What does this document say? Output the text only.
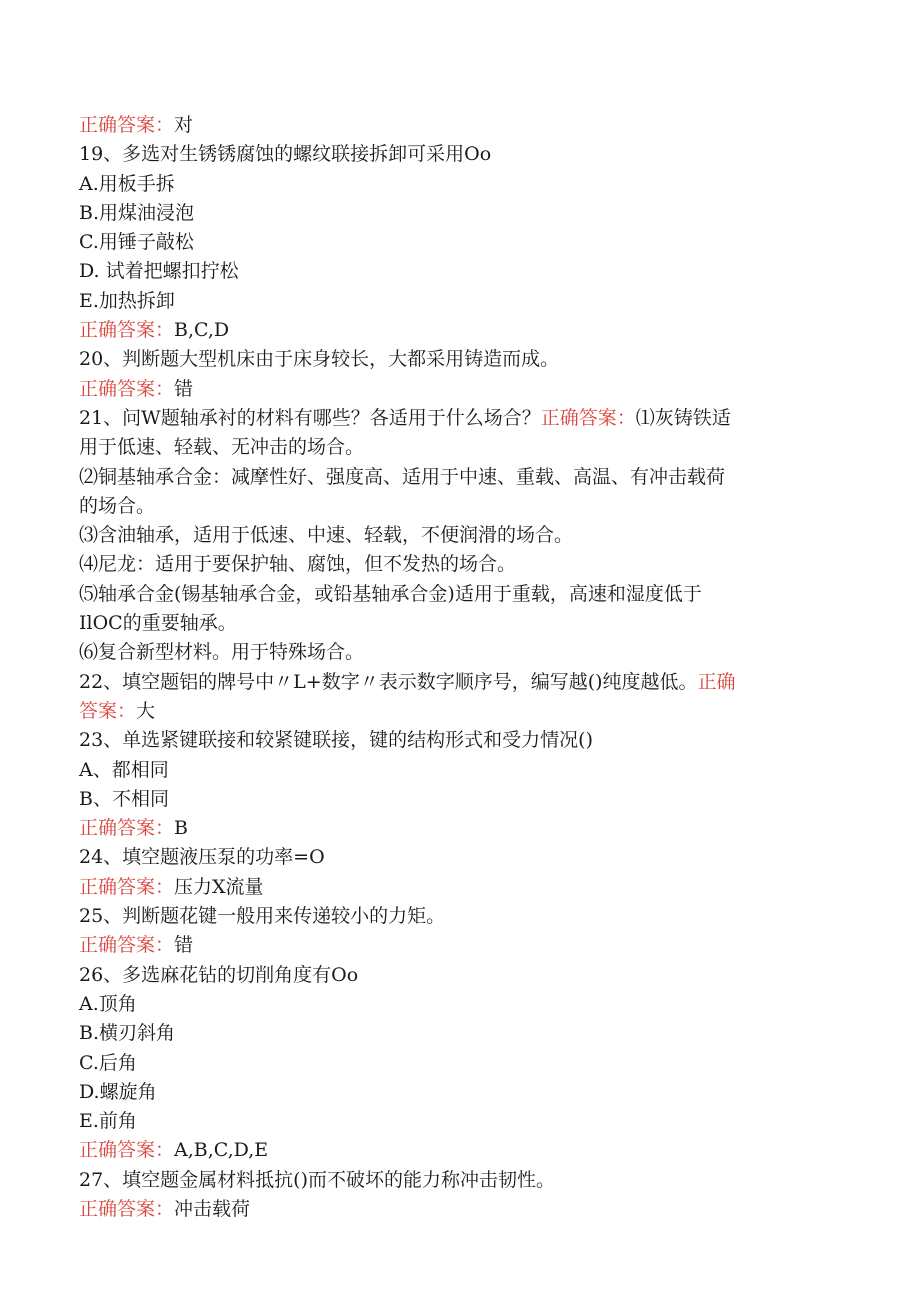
正确答案：对

19、多选对生锈锈腐蚀的螺纹联接拆卸可采用Oo

A.用板手拆

B.用煤油浸泡

C.用锤子敲松

D. 试着把螺扣拧松

E.加热拆卸

正确答案：B,C,D

20、判断题大型机床由于床身较长，大都采用铸造而成。

正确答案：错

21、问W题轴承衬的材料有哪些？各适用于什么场合？正确答案：⑴灰铸铁适

用于低速、轻载、无冲击的场合。

⑵铜基轴承合金：减摩性好、强度高、适用于中速、重载、高温、有冲击载荷

的场合。

⑶含油轴承，适用于低速、中速、轻载，不便润滑的场合。

⑷尼龙：适用于要保护轴、腐蚀，但不发热的场合。

⑸轴承合金(锡基轴承合金，或铅基轴承合金)适用于重载，高速和湿度低于

IlOC的重要轴承。

⑹复合新型材料。用于特殊场合。

22、填空题铝的牌号中〃L+数字〃表示数字顺序号，编写越()纯度越低。正确

答案：大

23、单选紧键联接和较紧键联接，键的结构形式和受力情况()

A、都相同

B、不相同

正确答案：B

24、填空题液压泵的功率=O

正确答案：压力X流量

25、判断题花键一般用来传递较小的力矩。

正确答案：错

26、多选麻花钻的切削角度有Oo

A.顶角

B.横刃斜角

C.后角

D.螺旋角

E.前角

正确答案：A,B,C,D,E

27、填空题金属材料抵抗()而不破坏的能力称冲击韧性。

正确答案：冲击载荷
